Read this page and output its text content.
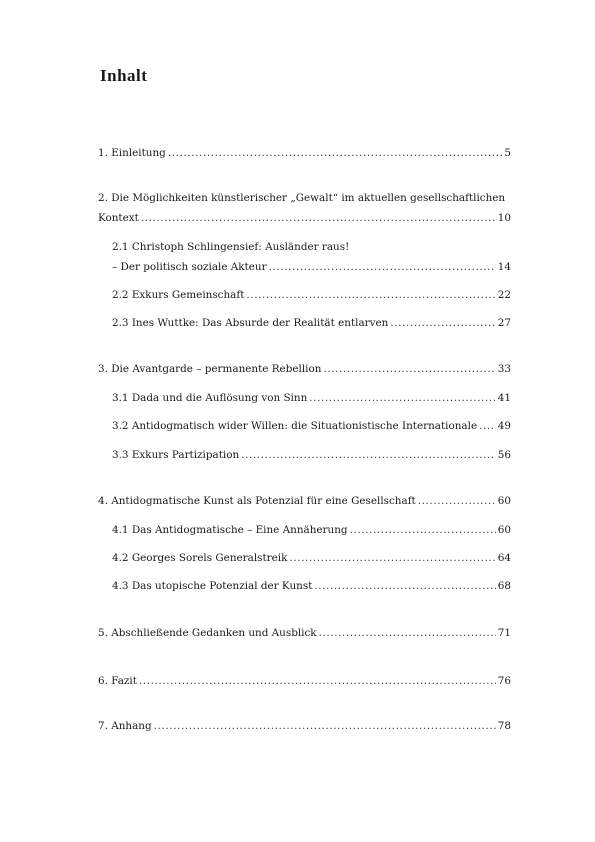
Inhalt
1. Einleitung .....	5
2. Die Möglichkeiten künstlerischer „Gewalt“ im aktuellen gesellschaftlichen
Kontext .....	10
2.1 Christoph Schlingensief: Ausländer raus!
– Der politisch soziale Akteur .....	14
2.2 Exkurs Gemeinschaft .....	22
2.3 Ines Wuttke: Das Absurde der Realität entlarven .....	27
3. Die Avantgarde – permanente Rebellion .....	33
3.1 Dada und die Auflösung von Sinn .....	41
3.2 Antidogmatisch wider Willen: die Situationistische Internationale ..... 49
3.3 Exkurs Partizipation .....	56
4. Antidogmatische Kunst als Potenzial für eine Gesellschaft .....	60
4.1 Das Antidogmatische – Eine Annäherung .....	60
4.2 Georges Sorels Generalstreik .....	64
4.3 Das utopische Potenzial der Kunst .....	68
5. Abschließende Gedanken und Ausblick .....	71
6. Fazit .....	76
7. Anhang .....	78
